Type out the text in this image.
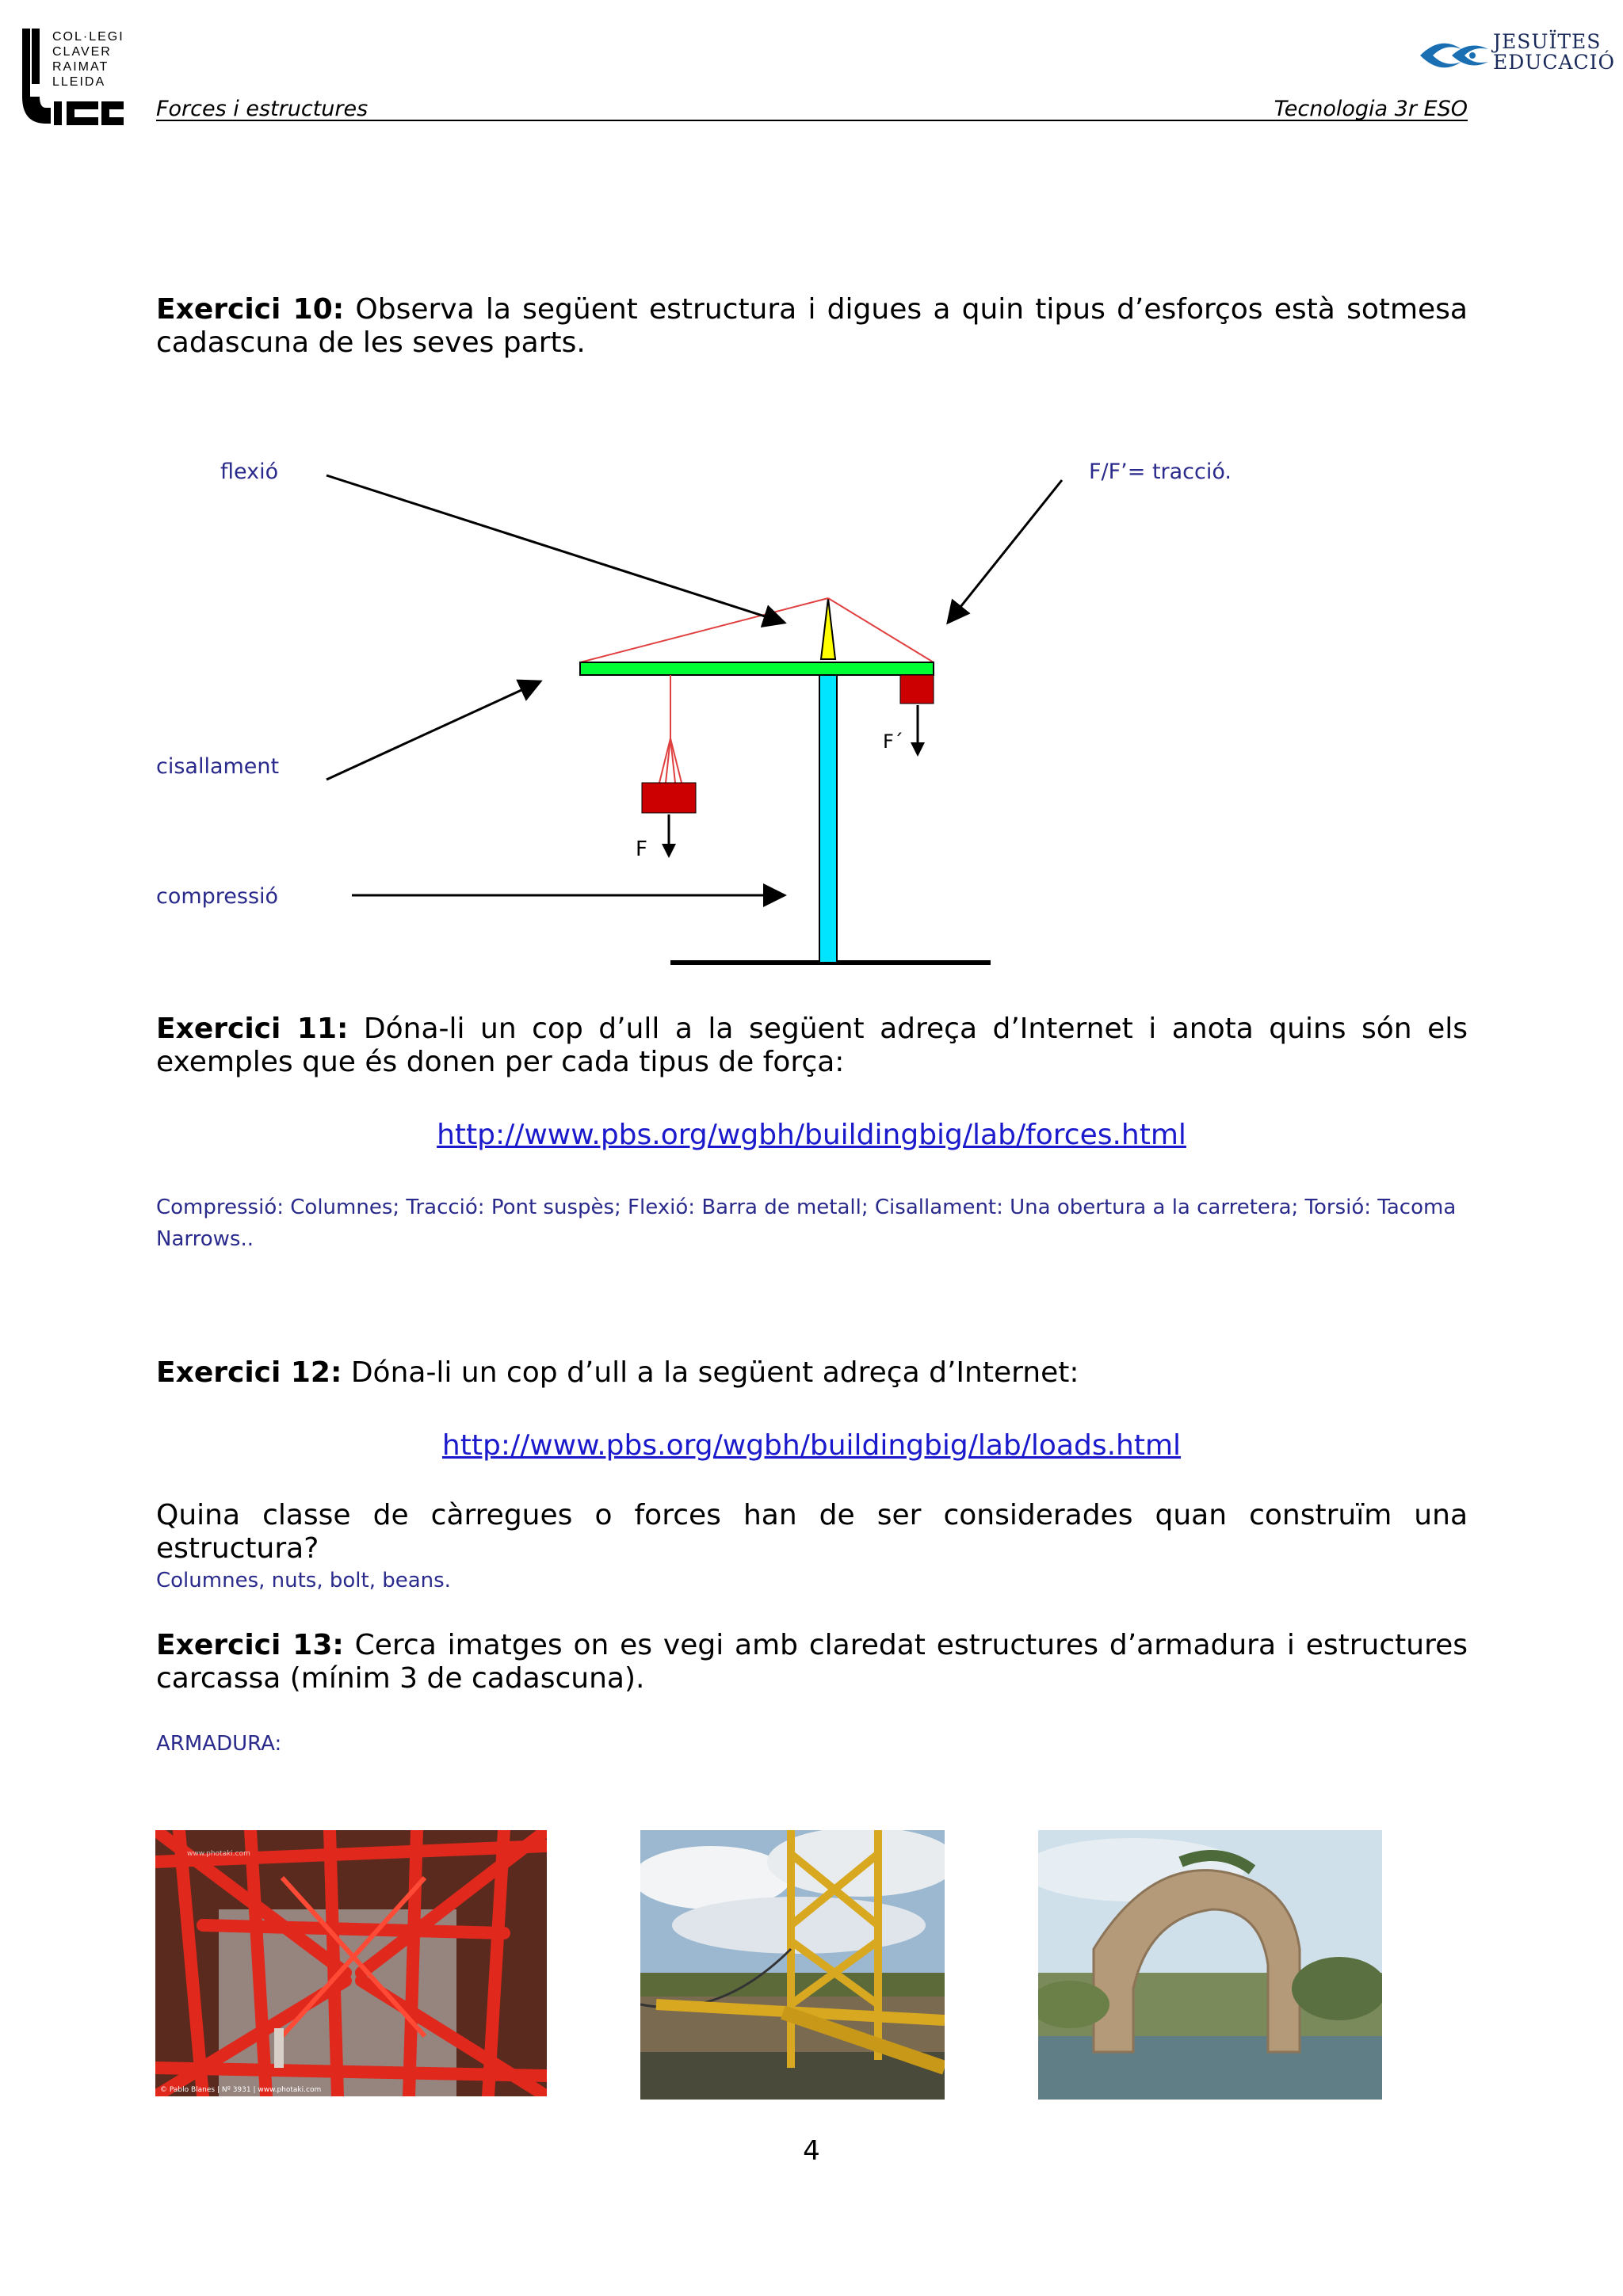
COL·LEGI
CLAVER
RAIMAT
LLEIDA
JESUÏTES
EDUCACIÓ
Forces i estructures	Tecnologia 3r ESO
Exercici 10: Observa la següent estructura i digues a quin tipus d’esforços està sotmesa cadascuna de les seves parts.
F´
F
flexió	F/F’= tracció.
cisallament
compressió
Exercici 11: Dóna-li un cop d’ull a la següent adreça d’Internet i anota quins són els exemples que és donen per cada tipus de força:
http://www.pbs.org/wgbh/buildingbig/lab/forces.html
Compressió: Columnes; Tracció: Pont suspès; Flexió: Barra de metall; Cisallament: Una obertura a la carretera; Torsió: Tacoma
Narrows..
Exercici 12: Dóna-li un cop d’ull a la següent adreça d’Internet:
http://www.pbs.org/wgbh/buildingbig/lab/loads.html
Quina classe de càrregues o forces han de ser considerades quan construïm una estructura?
Columnes, nuts, bolt, beans.
Exercici 13: Cerca imatges on es vegi amb claredat estructures d’armadura i estructures carcassa (mínim 3 de cadascuna).
ARMADURA:
www.photaki.com
© Pablo Blanes | Nº 3931 | www.photaki.com
4
